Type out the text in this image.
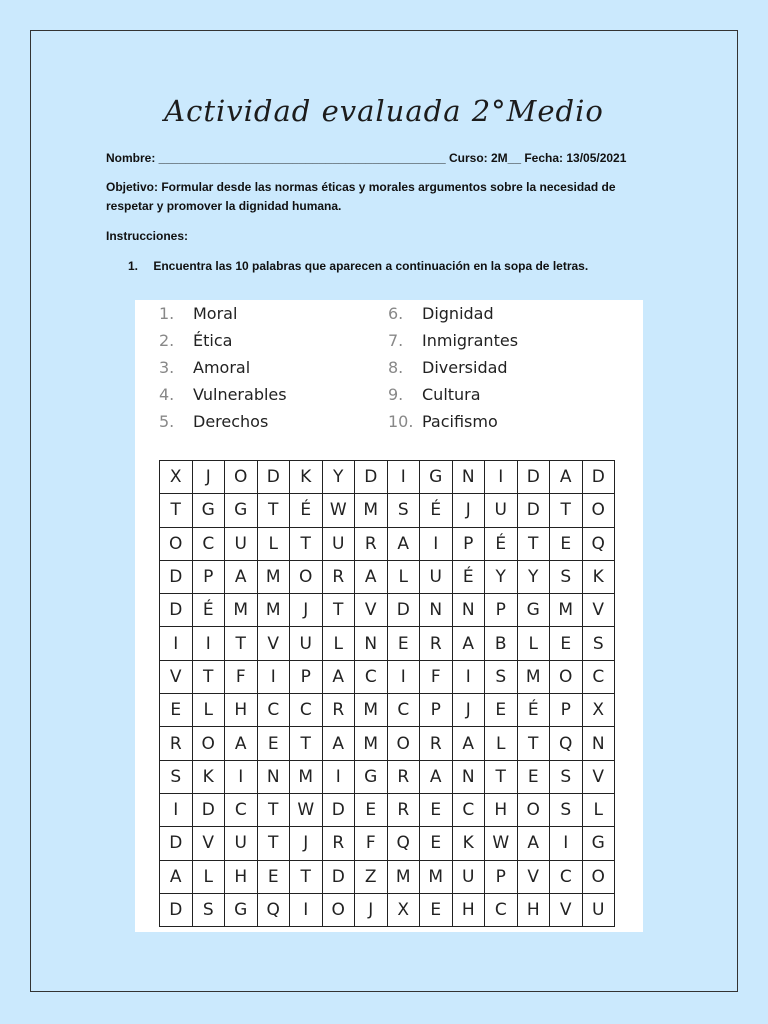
Actividad evaluada 2°Medio
Nombre: ___________________________________________ Curso: 2M__ Fecha: 13/05/2021
Objetivo: Formular desde las normas éticas y morales argumentos sobre la necesidad de respetar y promover la dignidad humana.
Instrucciones:
1. Encuentra las 10 palabras que aparecen a continuación en la sopa de letras.
1. Moral
2. Ética
3. Amoral
4. Vulnerables
5. Derechos
6. Dignidad
7. Inmigrantes
8. Diversidad
9. Cultura
10. Pacifismo
X	J	O	D	K	Y	D	I	G	N	I	D	A	D
T	G	G	T	É	W	M	S	É	J	U	D	T	O
O	C	U	L	T	U	R	A	I	P	É	T	E	Q
D	P	A	M	O	R	A	L	U	É	Y	Y	S	K
D	É	M	M	J	T	V	D	N	N	P	G	M	V
I	I	T	V	U	L	N	E	R	A	B	L	E	S
V	T	F	I	P	A	C	I	F	I	S	M	O	C
E	L	H	C	C	R	M	C	P	J	E	É	P	X
R	O	A	E	T	A	M	O	R	A	L	T	Q	N
S	K	I	N	M	I	G	R	A	N	T	E	S	V
I	D	C	T	W	D	E	R	E	C	H	O	S	L
D	V	U	T	J	R	F	Q	E	K	W	A	I	G
A	L	H	E	T	D	Z	M	M	U	P	V	C	O
D	S	G	Q	I	O	J	X	E	H	C	H	V	U
